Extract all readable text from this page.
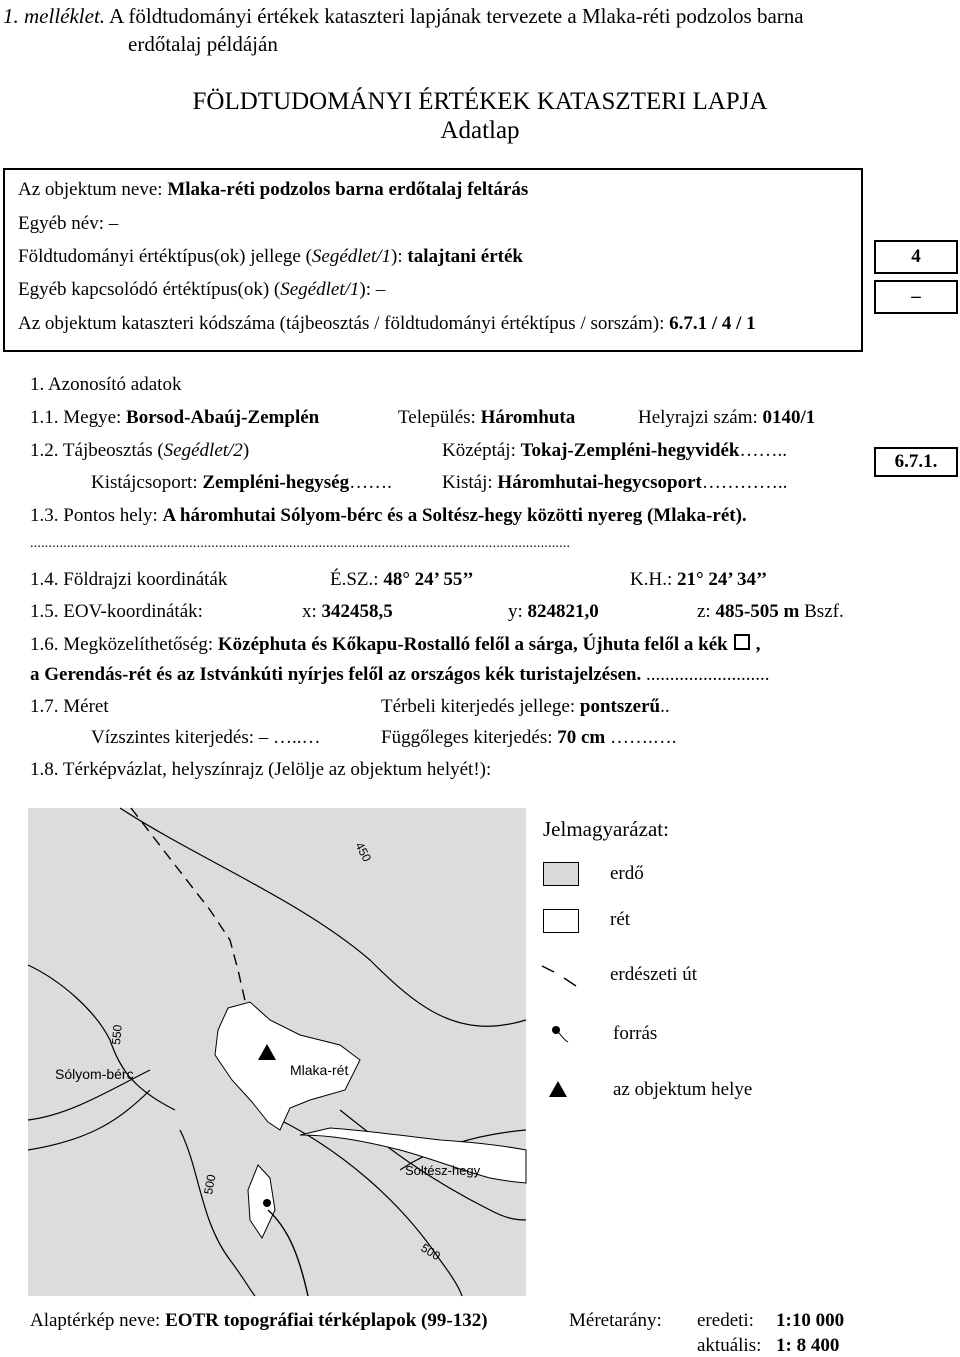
1. melléklet. A földtudományi értékek kataszteri lapjának tervezete a Mlaka-réti podzolos barna
erdőtalaj példáján
FÖLDTUDOMÁNYI ÉRTÉKEK KATASZTERI LAPJA
Adatlap
Az objektum neve: Mlaka-réti podzolos barna erdőtalaj feltárás
Egyéb név: –
Földtudományi értéktípus(ok) jellege (Segédlet/1): talajtani érték
Egyéb kapcsolódó értéktípus(ok) (Segédlet/1): –
Az objektum kataszteri kódszáma (tájbeosztás / földtudományi értéktípus / sorszám): 6.7.1 / 4 / 1
4
–
6.7.1.
1. Azonosító adatok
1.1. Megye: Borsod-Abaúj-Zemplén	Település: Háromhuta	Helyrajzi szám: 0140/1
1.2. Tájbeosztás (Segédlet/2)	Középtáj: Tokaj-Zempléni-hegyvidék……..
Kistájcsoport: Zempléni-hegység…….	Kistáj: Háromhutai-hegycsoport…………..
1.3. Pontos hely: A háromhutai Sólyom-bérc és a Soltész-hegy közötti nyereg (Mlaka-rét).
..................................................................................................................................................
1.4. Földrajzi koordináták	É.SZ.: 48° 24’ 55’’	K.H.: 21° 24’ 34’’
1.5. EOV-koordináták:	x: 342458,5	y: 824821,0	z: 485-505 m Bszf.
1.6. Megközelíthetőség: Középhuta és Kőkapu-Rostalló felől a sárga, Újhuta felől a kék ,
a Gerendás-rét és az Istvánkúti nyírjes felől az országos kék turistajelzésen. ..........................
1.7. Méret	Térbeli kiterjedés jellege: pontszerű..
Vízszintes kiterjedés: – …..…	Függőleges kiterjedés: 70 cm …….….
1.8. Térképvázlat, helyszínrajz (Jelölje az objektum helyét!):
450
550
500
500
Sólyom-bérc	Mlaka-rét
Soltész-hegy
Jelmagyarázat:
erdő
rét
erdészeti út
forrás
az objektum helye
Alaptérkép neve: EOTR topográfiai térképlapok (99-132)	Méretarány: eredeti: 1:10 000
aktuális: 1: 8 400
